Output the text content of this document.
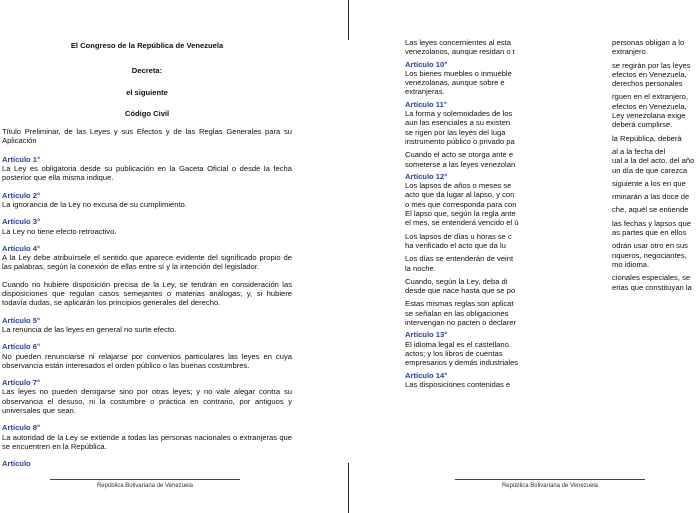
El Congreso de la República de Venezuela
Decreta:
el siguiente
Código Civil
Título Preliminar, de las Leyes y sus Efectos y de las Reglas Generales para su Aplicación
Artículo 1°
La Ley es obligatoria desde su publicación en la Gaceta Oficial o desde la fecha posterior que ella misma indique.
Artículo 2°
La ignorancia de la Ley no excusa de su cumplimiento.
Artículo 3°
La Ley no tiene efecto retroactivo.
Artículo 4°
A la Ley debe atribuírsele el sentido que aparece evidente del significado propio de las palabras, según la conexión de ellas entre sí y la intención del legislador.
Cuando no hubiere disposición precisa de la Ley, se tendrán en consideración las disposiciones que regulan casos semejantes o materias análogas; y, si hubiere todavía dudas, se aplicarán los principios generales del derecho.
Artículo 5°
La renuncia de las leyes en general no surte efecto.
Artículo 6°
No pueden renunciarse ni relajarse por convenios particulares las leyes en cuya observancia están interesados el orden público o las buenas costumbres.
Artículo 7°
Las leyes no pueden derogarse sino por otras leyes; y no vale alegar contra su observancia el desuso, ni la costumbre o práctica en contrario, por antiguos y universales que sean.
Artículo 8°
La autoridad de la Ley se extiende a todas las personas nacionales o extranjeras que se encuentren en la República.
Artículo
República Bolivariana de Venezuela
Las leyes concernientes al esta
venezolanos, aunque residan o t
Artículo 10°
Los bienes muebles o inmueble
venezolanas, aunque sobre e
extranjeras.
Artículo 11°
La forma y solemnidades de los
aun las esenciales a su existen
se rigen por las leyes del luga
instrumento público o privado pa
Cuando el acto se otorga ante e
someterse a las leyes venezolan
Artículo 12°
Los lapsos de años o meses se
acto que da lugar al lapso, y con
o mes que corresponda para con
El lapso que, según la regla ante
el mes, se entenderá vencido el ú
Los lapsos de días u horas se c
ha verificado el acto que da lu
Los días se entenderán de veint
la noche.
Cuando, según la Ley, deba di
desde que nace hasta que se po
Estas mismas reglas son aplicat
se señalan en las obligaciones
intervengan no pacten o declarer
Artículo 13°
El idioma legal es el castellano.
actos; y los libros de cuentas
empresarios y demás industriales
Artículo 14°
Las disposiciones contenidas e
personas obligan a lo
extranjero.
se regirán por las leyes
efectos en Venezuela,
derechos personales
rguen en el extranjero,
efectos en Venezuela,
Ley venezolana exige
deberá cumplirse.
la República, deberá
al a la fecha del
ual a la del acto, del año
un día de que carezca
siguiente a los en que
rminarán a las doce de
che, aquél se entiende
las fechas y lapsos que
as partes que en ellos
odrán usar otro en sus
nqueros, negociantes,
mo idioma.
cionales especiales, se
erias que constituyan la
República Bolivariana de Venezuela
